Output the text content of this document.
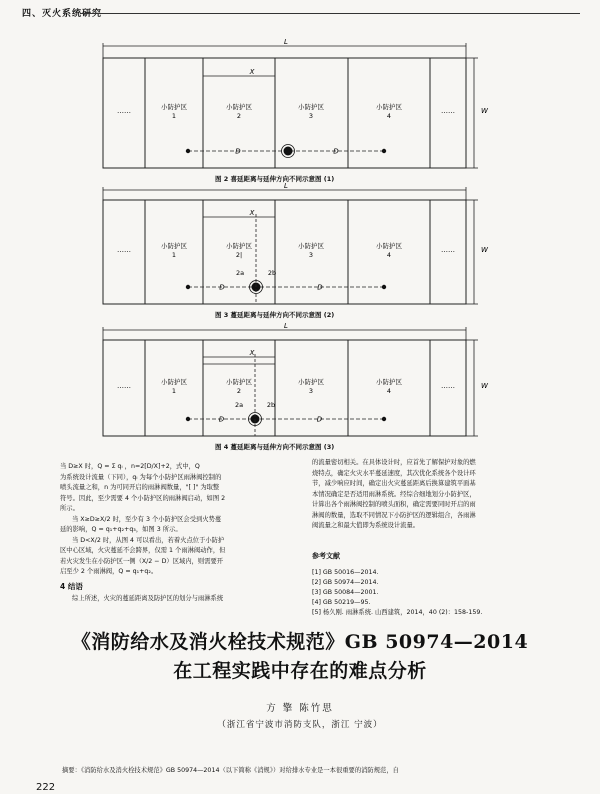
四、灭火系统研究
……	……
小防护区
1
小防护区
2
小防护区
3
小防护区
4
L
X
W
D	D
……	……
小防护区
1
小防护区
2|
小防护区
3
小防护区
4
L
X
W
D	D
2a	2b
……	……
小防护区
1
小防护区
2
小防护区
3
小防护区
4
L
X
W
D	D
2a	2b
图 2 喜延距离与延伸方向不同示意图 (1)
图 3 蔓延距离与延伸方向不同示意图 (2)
图 4 蔓延距离与延伸方向不同示意图 (3)

当 D≥X 时，Q = Σ qᵢ ，n=2[D/X]+2，式中，Q

为系统设计流量（下同），qᵢ 为每个小防护区雨淋阀控制的

喷头流量之和，n 为可同开启的雨淋阀数量，"[ ]" 为取整

符号。因此，至少需要 4 个小防护区的雨淋阀启动，如图 2

所示。

当 X≥D≥X/2 时，至少有 3 个小防护区会受到火势蔓

延的影响，Q = q₁+q₂+q₃，如图 3 所示。

当 D<X/2 时，从图 4 可以看出，若着火点位于小防护

区中心区域，火灾蔓延不会跨界，仅需 1 个雨淋阀动作，但

若火灾发生在小防护区一侧（X/2 − D）区域内，则需要开

启至少 2 个雨淋阀，Q = q₁+q₂。

4 结语
综上所述，火灾的蔓延距离及防护区的划分与雨淋系统

的流量密切相关。在具体设计时，应首先了解保护对象的燃

烧特点，确定火灾水平蔓延速度，其次优化系统各个设计环

节，减少响应时间，确定出火灾蔓延距离后换算建筑平面基

本情况确定是否适用雨淋系统。经综合细地划分小防护区，

计算出各个雨淋阀控制的喷头面积，确定需要同时开启的雨

淋阀的数量，选取不同情况下小防护区的逻辑组合，各雨淋

阀流量之和最大值即为系统设计流量。

参考文献
[1] GB 50016—2014.
[2] GB 50974—2014.
[3] GB 50084—2001.
[4] GB 50219—95.
[5] 杨久刚. 雨淋系统. 山西建筑，2014，40 (2)：158-159.
《消防给水及消火栓技术规范》GB 50974—2014
在工程实践中存在的难点分析
方 擎 陈竹思
（浙江省宁波市消防支队，浙江 宁波）
摘要：《消防给水及消火栓技术规范》GB 50974—2014（以下简称《消规》）对给排水专业是一本很重要的消防规范，自
222
